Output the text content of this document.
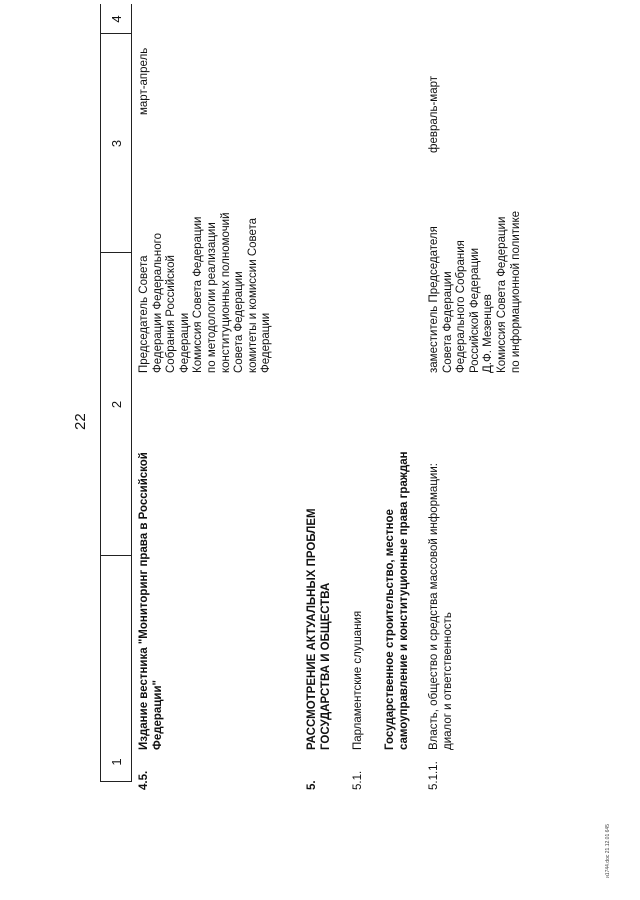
22
1
2
3
4
4.5.
Издание вестника "Мониторинг права в Российской Федерации"
Председатель Совета Федерации Федерального Собрания Российской Федерации Комиссия Совета Федерации по методологии реализации конституционных полномочий Совета Федерации комитеты и комиссии Совета Федерации
март-апрель
5.
РАССМОТРЕНИЕ АКТУАЛЬНЫХ ПРОБЛЕМ ГОСУДАРСТВА И ОБЩЕСТВА
5.1.
Парламентские слушания Государственное строительство, местное самоуправление и конституционные права граждан
5.1.1.
Власть, общество и средства массовой информации: диалог и ответственность
заместитель Председателя Совета Федерации Федерального Собрания Российской Федерации Д.Ф. Мезенцев Комиссия Совета Федерации по информационной политике
февраль-март
и1744.doc 21.12.01 645
